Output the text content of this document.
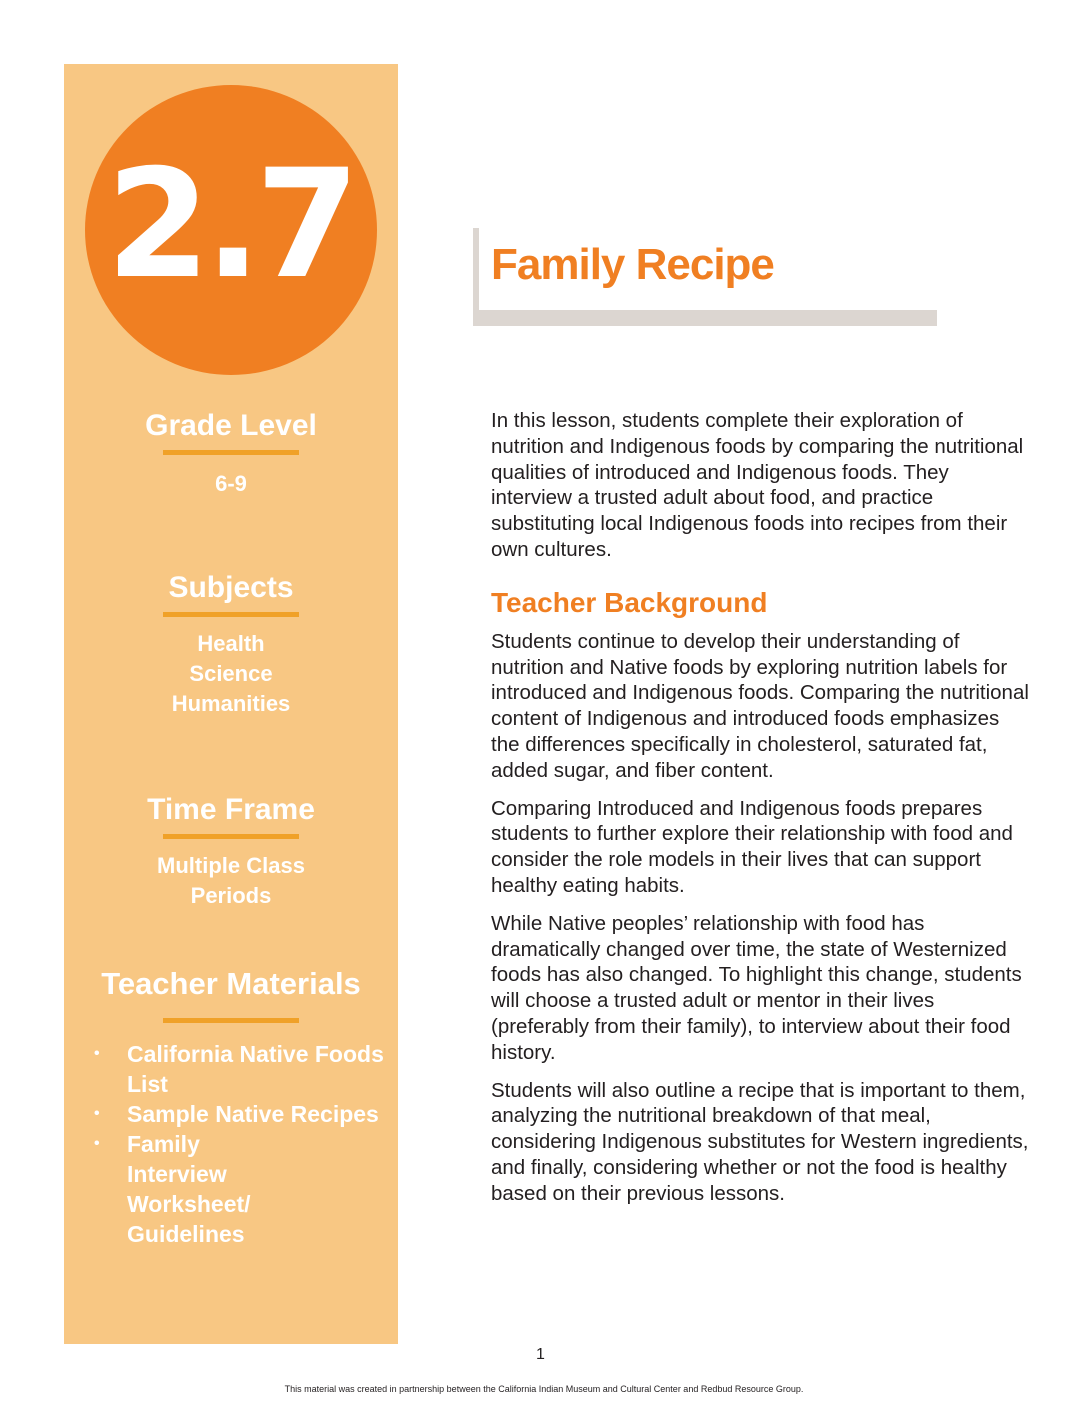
2.7
Grade Level
6-9
Subjects
Health
Science
Humanities
Time Frame
Multiple Class
Periods
Teacher Materials
• California Native Foods List
• Sample Native Recipes
• Family Interview Worksheet/ Guidelines
Family Recipe

In this lesson, students complete their exploration of nutrition and Indigenous foods by comparing the nutritional qualities of introduced and Indigenous foods. They interview a trusted adult about food, and practice substituting local Indigenous foods into recipes from their own cultures.

Teacher Background

Students continue to develop their understanding of nutrition and Native foods by exploring nutrition labels for introduced and Indigenous foods. Comparing the nutritional content of Indigenous and introduced foods emphasizes the differences specifically in cholesterol, saturated fat, added sugar, and fiber content.

Comparing Introduced and Indigenous foods prepares students to further explore their relationship with food and consider the role models in their lives that can support healthy eating habits.

While Native peoples’ relationship with food has dramatically changed over time, the state of Westernized foods has also changed. To highlight this change, students will choose a trusted adult or mentor in their lives (preferably from their family), to interview about their food history.

Students will also outline a recipe that is important to them, analyzing the nutritional breakdown of that meal, considering Indigenous substitutes for Western ingredients, and finally, considering whether or not the food is healthy based on their previous lessons.

1
This material was created in partnership between the California Indian Museum and Cultural Center and Redbud Resource Group.
